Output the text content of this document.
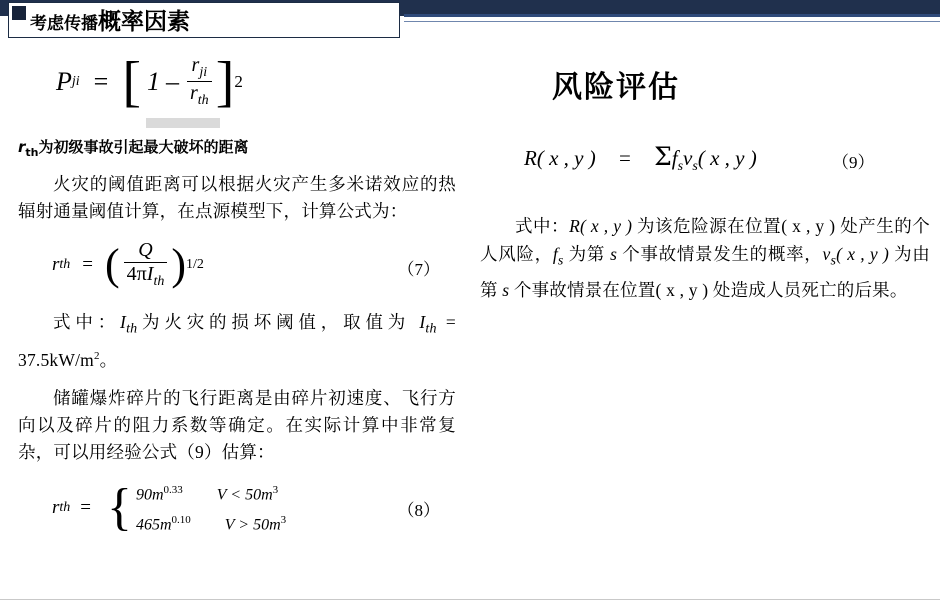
考虑传播概率因素
P ji = [ $1 - \frac{r_{ji}}{r_{th}}$ ] 2
$r_{th}$为初级事故引起最大破坏的距离

火灾的阈值距离可以根据火灾产生多米诺效应的热辐射通量阈值计算，在点源模型下，计算公式为：

r th = ( $\frac{Q}{4\pi I_{th}}$ ) 1/2	（7）

式中：$I_{th}$为火灾的损坏阈值，取值为 $I_{th} = 37.5kW/m^2$。

储罐爆炸碎片的飞行距离是由碎片初速度、飞行方向以及碎片的阻力系数等确定。在实际计算中非常复杂，可以用经验公式（9）估算：

r th = { $90m^{0.33}$ $V < 50m^3$
$465m^{0.10}$ $V > 50m^3$	（8）
风险评估
R( x , y ) = $\Sigma f_sv_s$( x , y )	（9）

式中：R( x , y ) 为该危险源在位置( x , y ) 处产生的个人风险，$f_s$ 为第 s 个事故情景发生的概率，$v_s$( x , y ) 为由第 s 个事故情景在位置( x , y ) 处造成人员死亡的后果。
